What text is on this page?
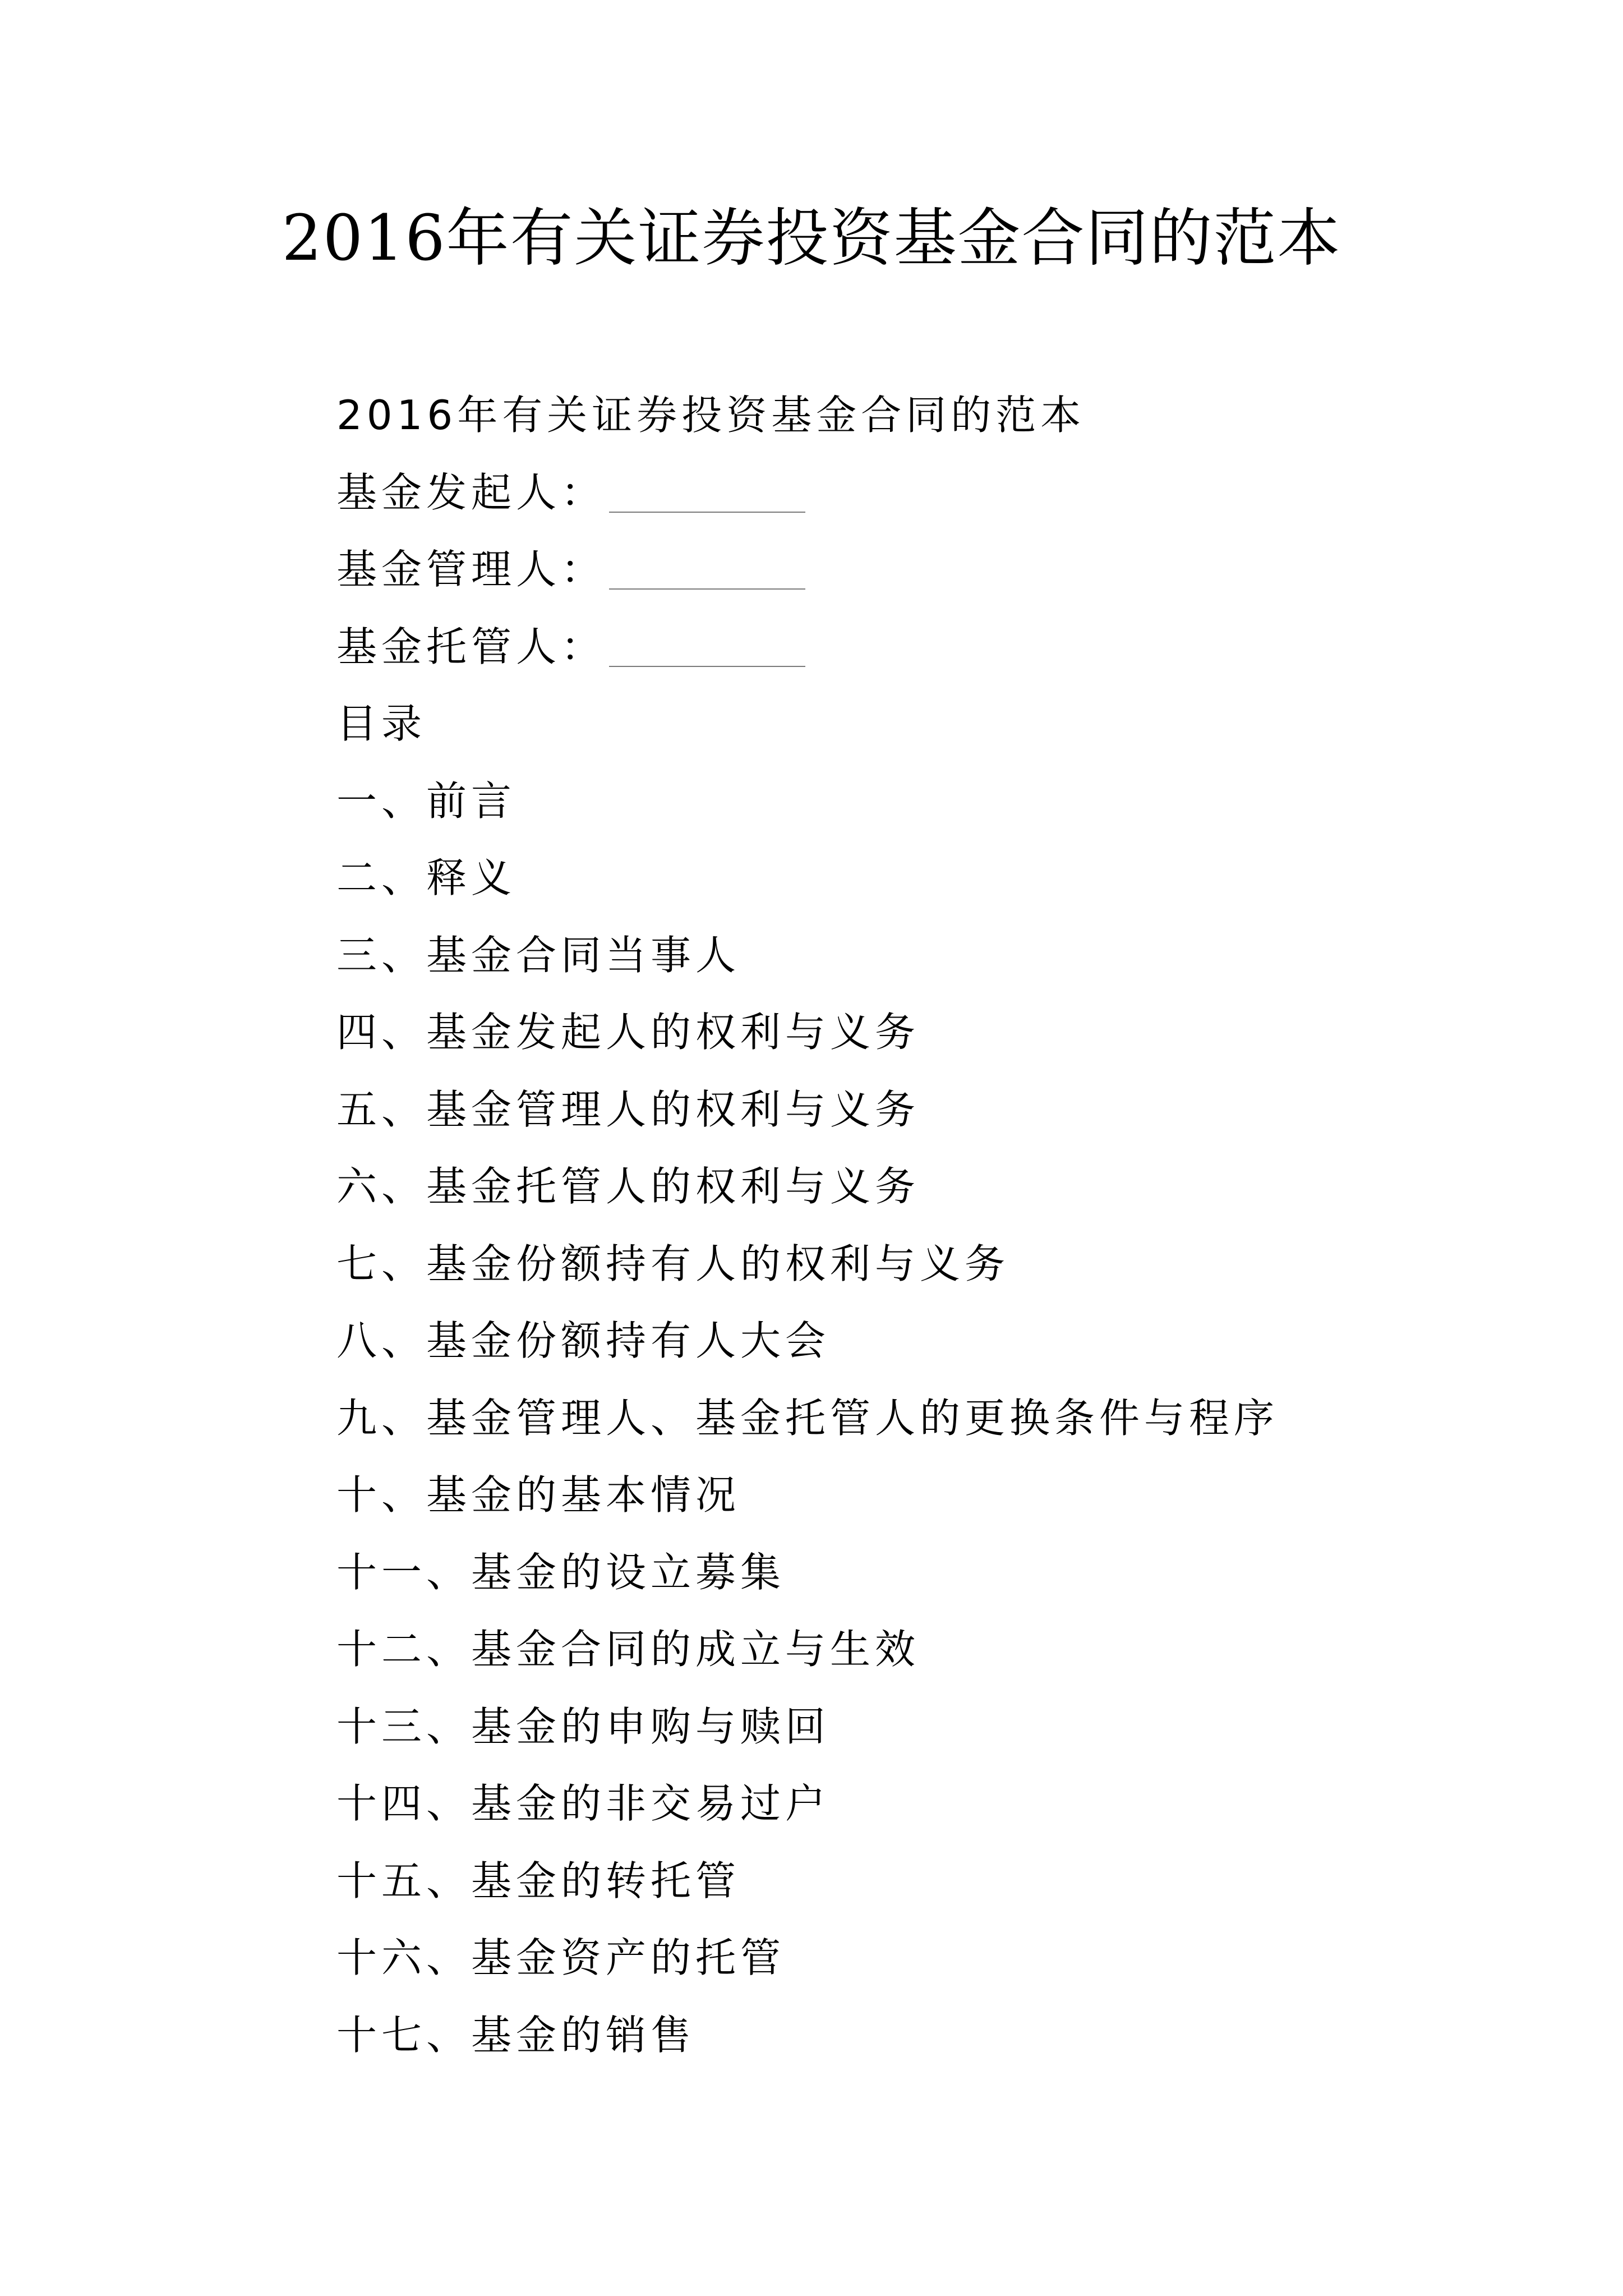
2016年有关证券投资基金合同的范本
2016年有关证券投资基金合同的范本
基金发起人：
基金管理人：
基金托管人：
目录
一、前言
二、释义
三、基金合同当事人
四、基金发起人的权利与义务
五、基金管理人的权利与义务
六、基金托管人的权利与义务
七、基金份额持有人的权利与义务
八、基金份额持有人大会
九、基金管理人、基金托管人的更换条件与程序
十、基金的基本情况
十一、基金的设立募集
十二、基金合同的成立与生效
十三、基金的申购与赎回
十四、基金的非交易过户
十五、基金的转托管
十六、基金资产的托管
十七、基金的销售
